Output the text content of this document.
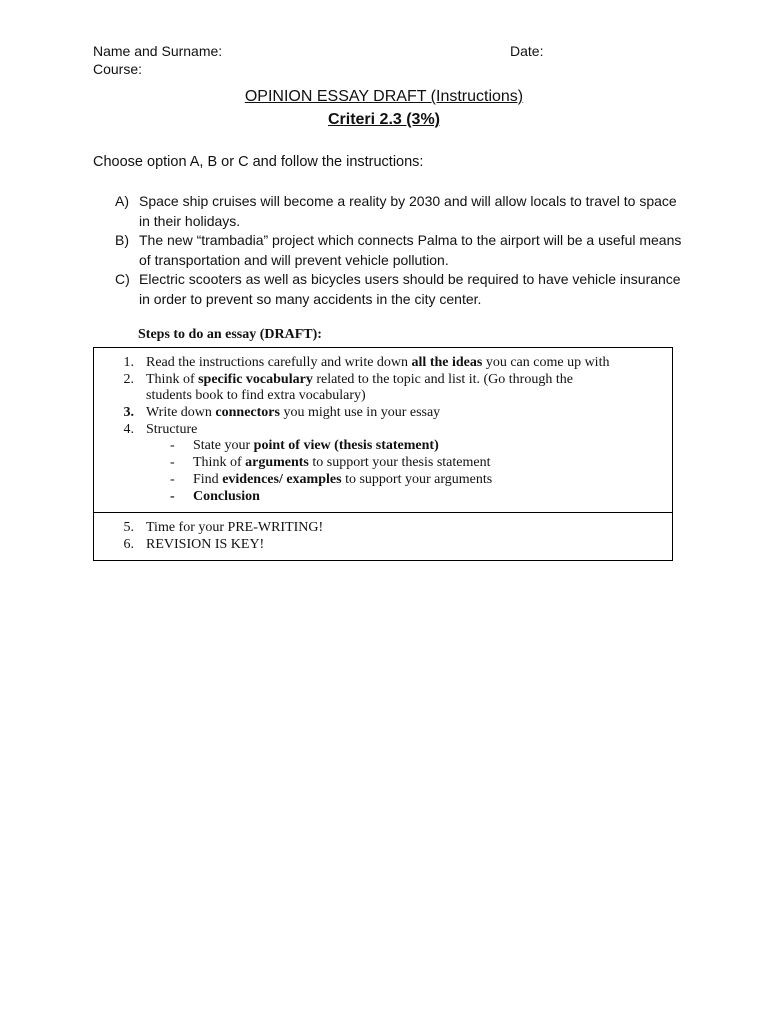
Name and Surname:	Date:
Course:
OPINION ESSAY DRAFT (Instructions)
Criteri 2.3 (3%)
Choose option A, B or C and follow the instructions:
A) Space ship cruises will become a reality by 2030 and will allow locals to travel to space in their holidays.
B) The new “trambadia” project which connects Palma to the airport will be a useful means of transportation and will prevent vehicle pollution.
C) Electric scooters as well as bicycles users should be required to have vehicle insurance in order to prevent so many accidents in the city center.
Steps to do an essay (DRAFT):
1. Read the instructions carefully and write down all the ideas you can come up with
2. Think of specific vocabulary related to the topic and list it. (Go through the
students book to find extra vocabulary)
3. Write down connectors you might use in your essay
4. Structure
- State your point of view (thesis statement)
- Think of arguments to support your thesis statement
- Find evidences/ examples to support your arguments
- Conclusion
5. Time for your PRE-WRITING!
6. REVISION IS KEY!
